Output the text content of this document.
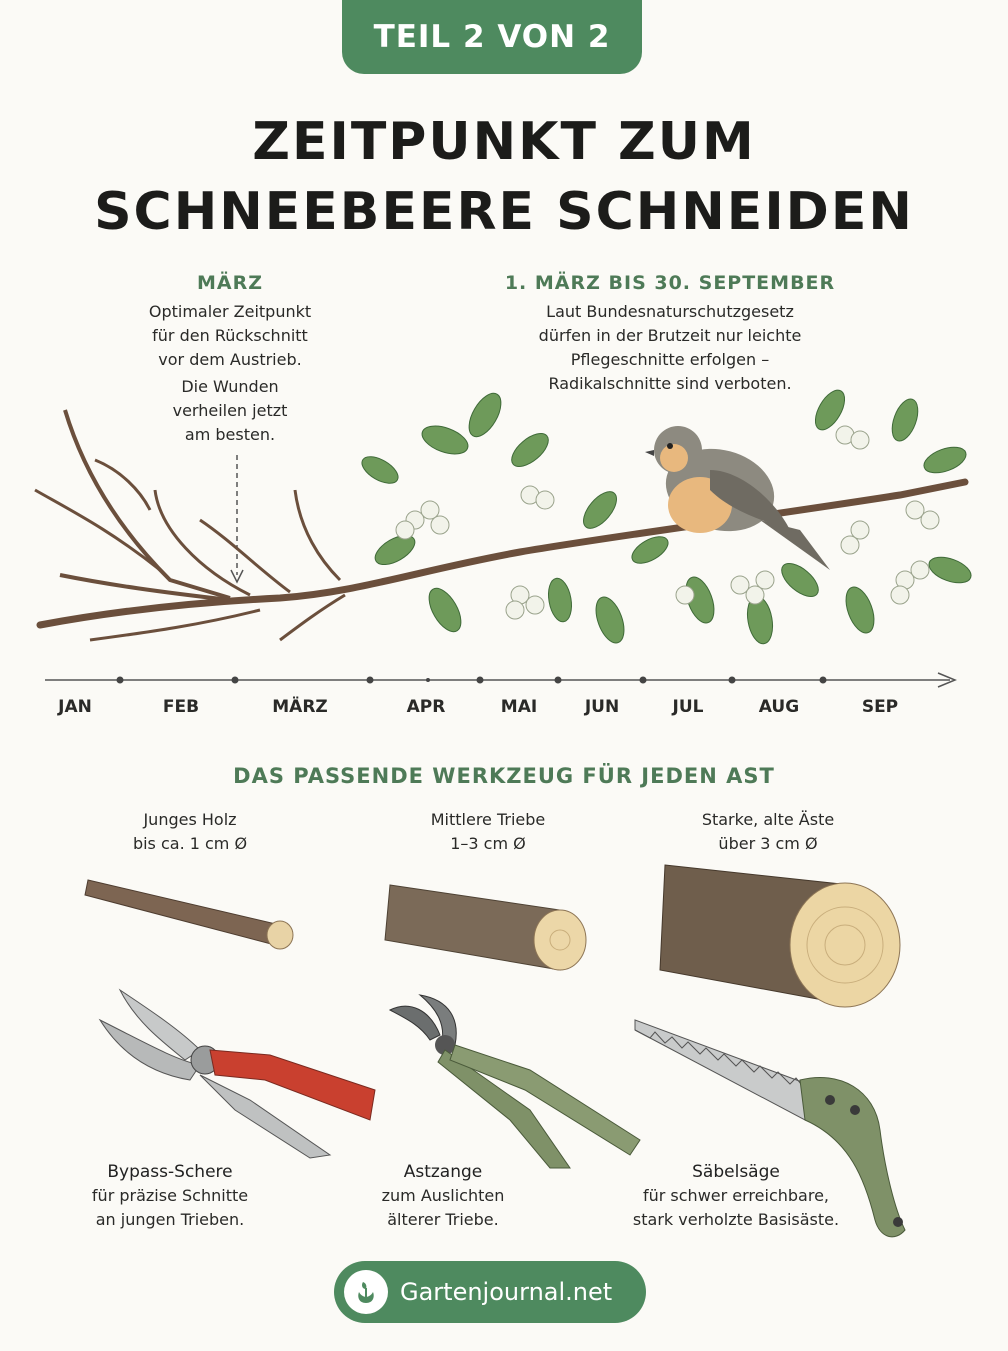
TEIL 2 VON 2
ZEITPUNKT ZUM
SCHNEEBEERE SCHNEIDEN
MÄRZ
Optimaler Zeitpunkt
für den Rückschnitt
vor dem Austrieb.
Die Wunden
verheilen jetzt
am besten.
1. MÄRZ BIS 30. SEPTEMBER
Laut Bundesnaturschutzgesetz
dürfen in der Brutzeit nur leichte
Pflegeschnitte erfolgen –
Radikalschnitte sind verboten.
JAN	FEB	MÄRZ	APR	MAI	JUN	JUL	AUG	SEP
DAS PASSENDE WERKZEUG FÜR JEDEN AST
Junges Holz
bis ca. 1 cm Ø
Mittlere Triebe
1–3 cm Ø
Starke, alte Äste
über 3 cm Ø
Bypass-Schere
für präzise Schnitte
an jungen Trieben.
Astzange
zum Auslichten
älterer Triebe.
Säbelsäge
für schwer erreichbare,
stark verholzte Basisäste.
Gartenjournal.net
